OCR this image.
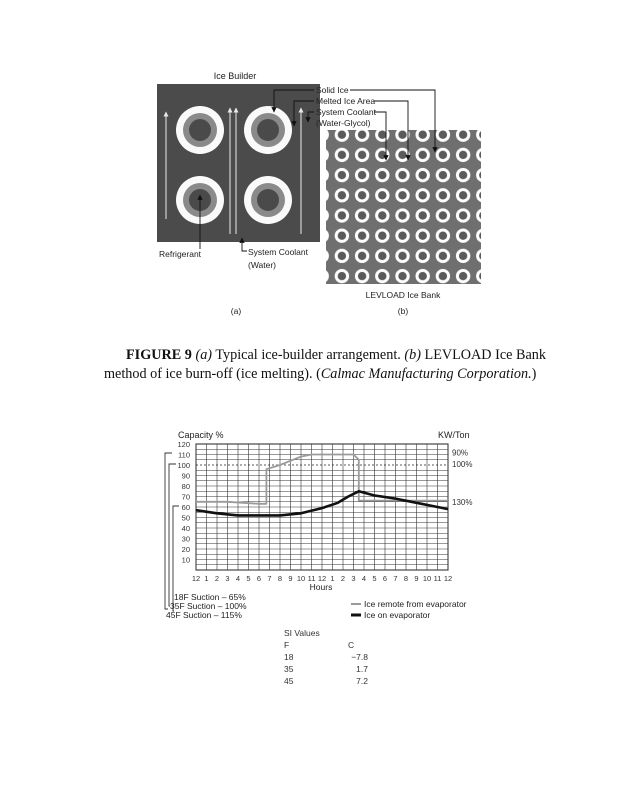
Ice Builder
Solid Ice
Melted Ice Area
System Coolant
(Water-Glycol)
Refrigerant	System Coolant
(Water)
LEVLOAD Ice Bank
(a)	(b)
FIGURE 9 (a) Typical ice-builder arrangement. (b) LEVLOAD Ice Bank method of ice burn-off (ice melting). (Calmac Manufacturing Corporation.)
Capacity %	KW/Ton
120
110
100
90
80
70
60
50
40
30
20
10
12 1 2 3 4 5 6 7 8 9 10 11 12 1 2 3 4 5 6 7 8 9 10 11 12
90%
100%
130%
Hours
18F Suction – 65%
35F Suction – 100%
45F Suction – 115%
Ice remote from evaporator
Ice on evaporator
SI Values
F	C
18	−7.8
35	1.7
45	7.2
